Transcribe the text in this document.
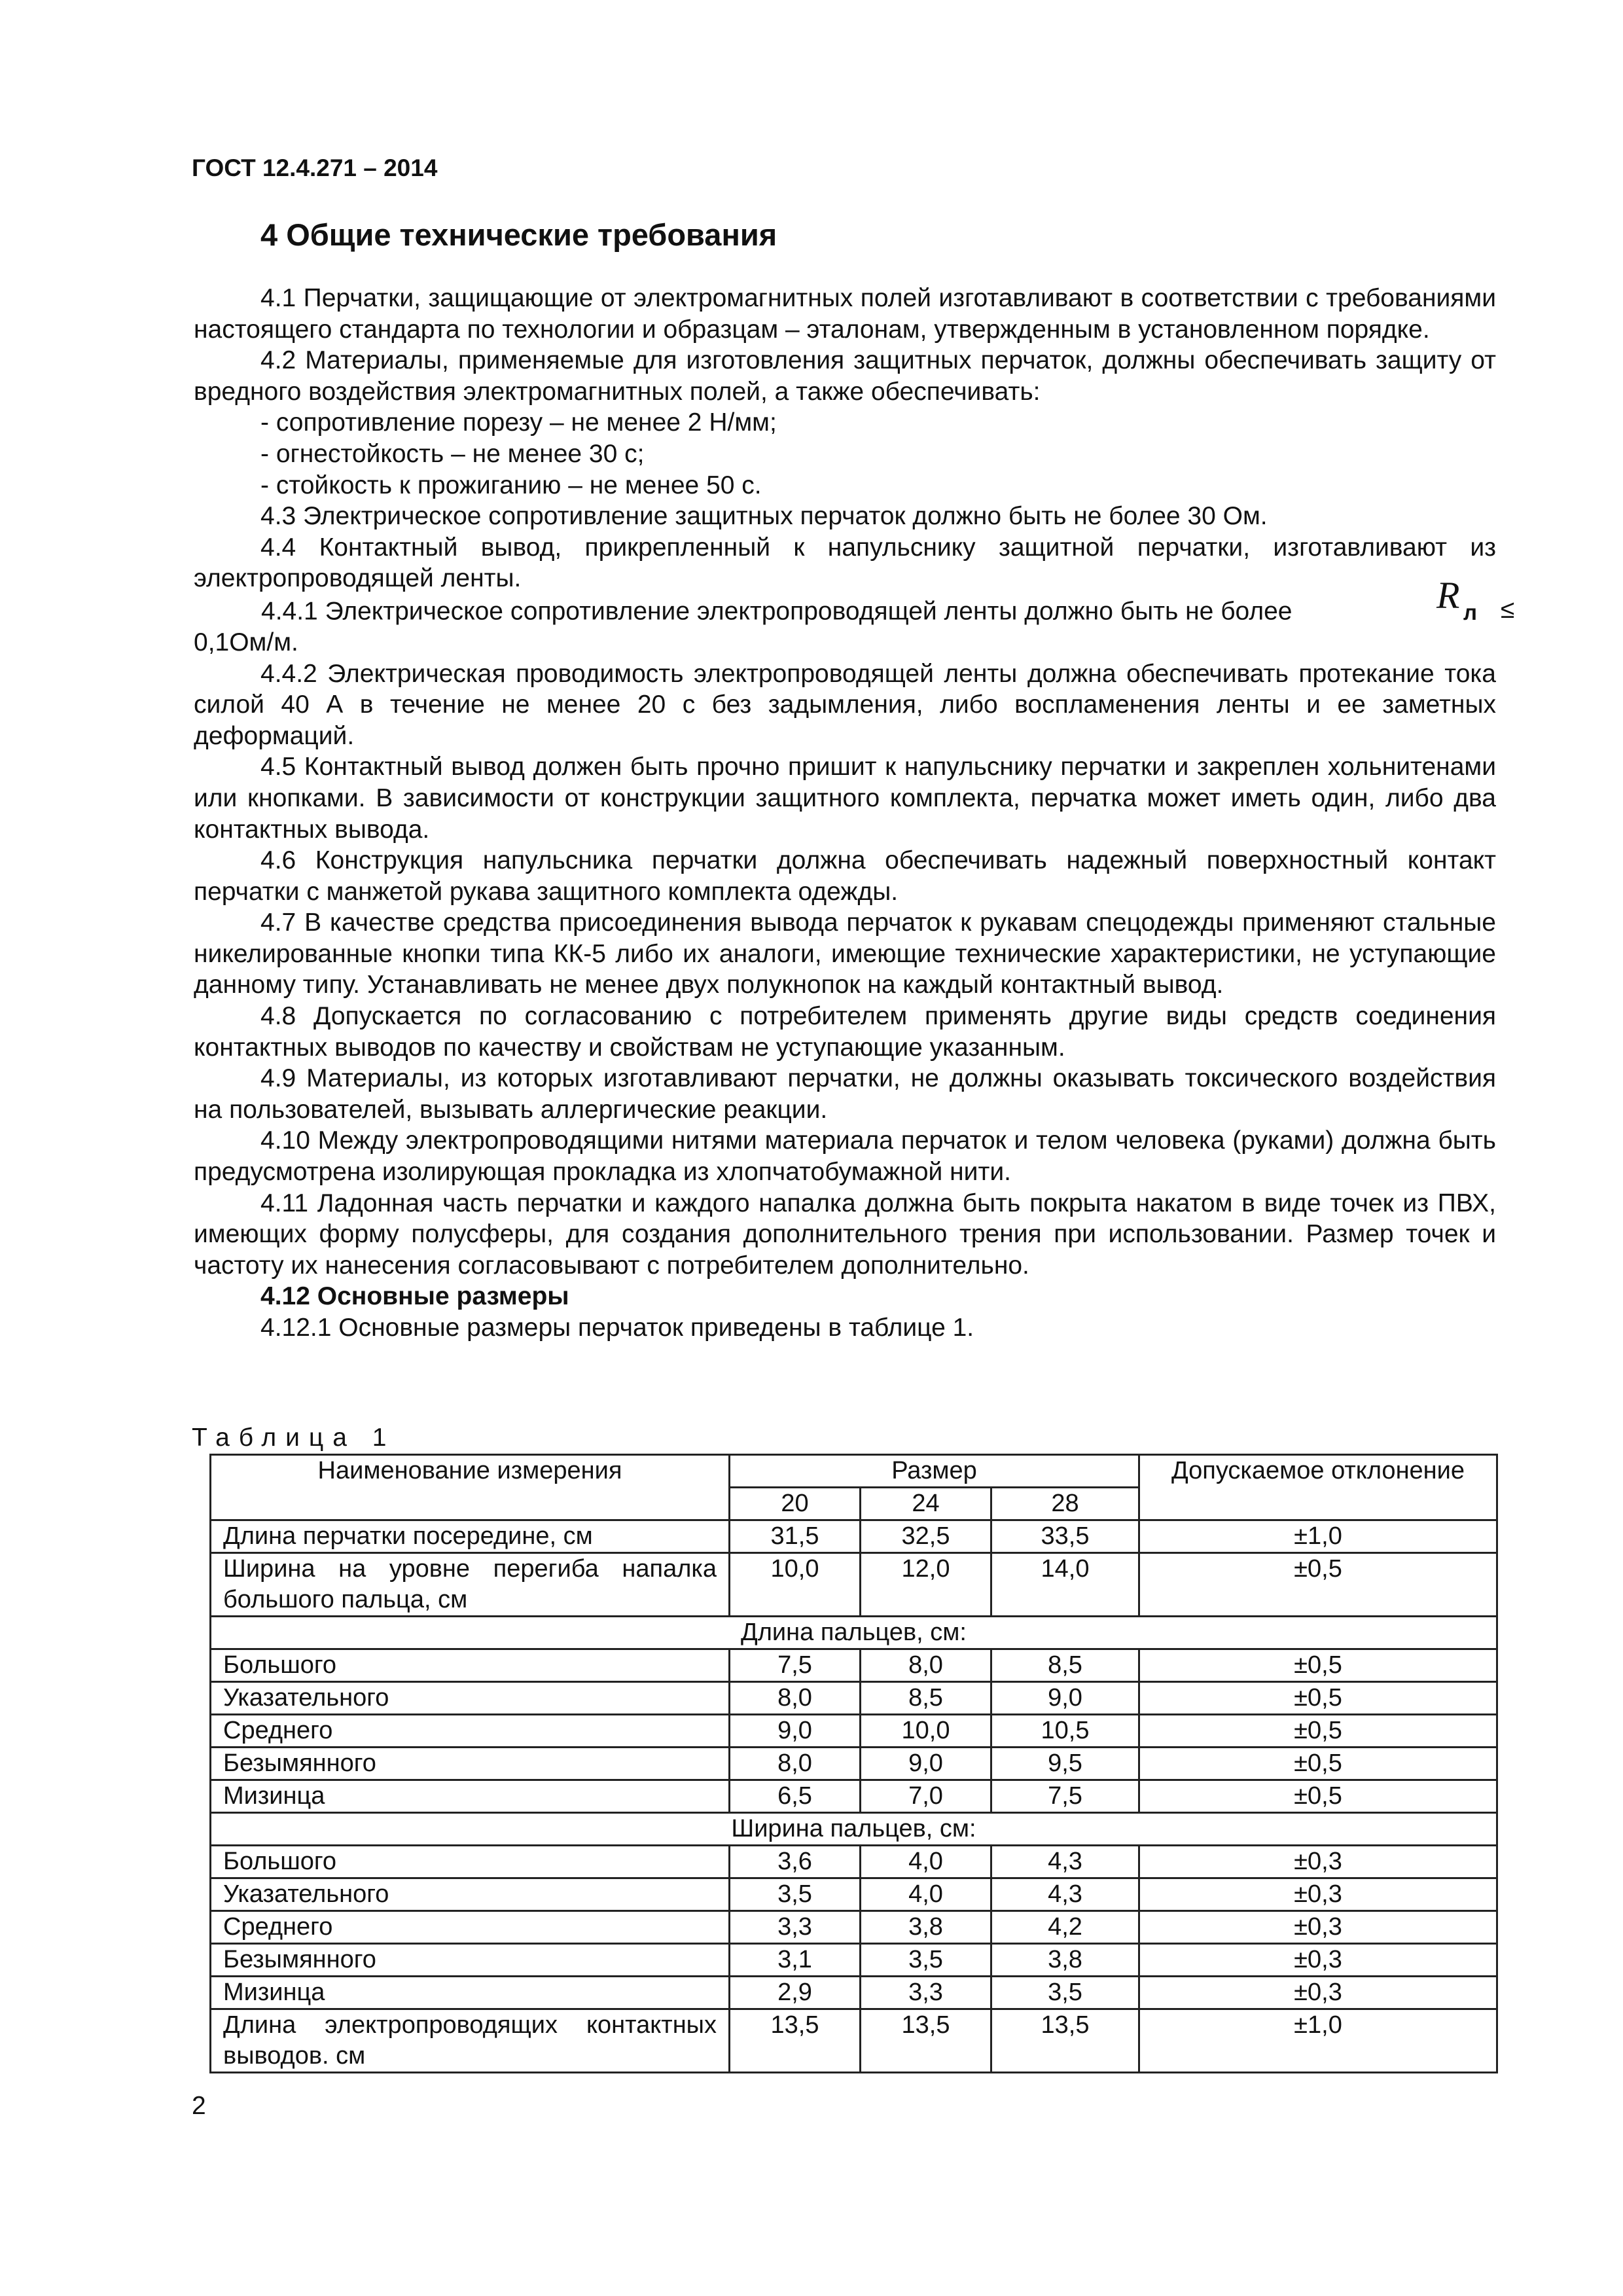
ГОСТ 12.4.271 – 2014

4 Общие технические требования

4.1 Перчатки, защищающие от электромагнитных полей изготавливают в соответствии с требованиями настоящего стандарта по технологии и образцам – эталонам, утвержденным в установленном порядке.

4.2 Материалы, применяемые для изготовления защитных перчаток, должны обеспечивать защиту от вредного воздействия электромагнитных полей, а также обеспечивать:

- сопротивление порезу – не менее 2 Н/мм;

- огнестойкость – не менее 30 с;

- стойкость к прожиганию – не менее 50 с.

4.3 Электрическое сопротивление защитных перчаток должно быть не более 30 Ом.

4.4 Контактный вывод, прикрепленный к напульснику защитной перчатки, изготавливают из электропроводящей ленты.

4.4.1 Электрическое сопротивление электропроводящей ленты должно быть не более	R л ≤

0,1Ом/м.

4.4.2 Электрическая проводимость электропроводящей ленты должна обеспечивать протекание тока силой 40 А в течение не менее 20 с без задымления, либо воспламенения ленты и ее заметных деформаций.

4.5 Контактный вывод должен быть прочно пришит к напульснику перчатки и закреплен хольнитенами или кнопками. В зависимости от конструкции защитного комплекта, перчатка может иметь один, либо два контактных вывода.

4.6 Конструкция напульсника перчатки должна обеспечивать надежный поверхностный контакт перчатки с манжетой рукава защитного комплекта одежды.

4.7 В качестве средства присоединения вывода перчаток к рукавам спецодежды применяют стальные никелированные кнопки типа КК-5 либо их аналоги, имеющие технические характеристики, не уступающие данному типу. Устанавливать не менее двух полукнопок на каждый контактный вывод.

4.8 Допускается по согласованию с потребителем применять другие виды средств соединения контактных выводов по качеству и свойствам не уступающие указанным.

4.9 Материалы, из которых изготавливают перчатки, не должны оказывать токсического воздействия на пользователей, вызывать аллергические реакции.

4.10 Между электропроводящими нитями материала перчаток и телом человека (руками) должна быть предусмотрена изолирующая прокладка из хлопчатобумажной нити.

4.11 Ладонная часть перчатки и каждого напалка должна быть покрыта накатом в виде точек из ПВХ, имеющих форму полусферы, для создания дополнительного трения при использовании. Размер точек и частоту их нанесения согласовывают с потребителем дополнительно.

4.12 Основные размеры

4.12.1 Основные размеры перчаток приведены в таблице 1.

Таблица 1

Наименование измерения	Размер			Допускаемое отклонение
	20	24	28	
Длина перчатки посередине, см	31,5	32,5	33,5	±1,0
Ширина на уровне перегиба напалка большого пальца, см	10,0	12,0	14,0	±0,5
Длина пальцев, см:				
Большого	7,5	8,0	8,5	±0,5
Указательного	8,0	8,5	9,0	±0,5
Среднего	9,0	10,0	10,5	±0,5
Безымянного	8,0	9,0	9,5	±0,5
Мизинца	6,5	7,0	7,5	±0,5
Ширина пальцев, см:				
Большого	3,6	4,0	4,3	±0,3
Указательного	3,5	4,0	4,3	±0,3
Среднего	3,3	3,8	4,2	±0,3
Безымянного	3,1	3,5	3,8	±0,3
Мизинца	2,9	3,3	3,5	±0,3
Длина электропроводящих контактных выводов. см	13,5	13,5	13,5	±1,0

2
